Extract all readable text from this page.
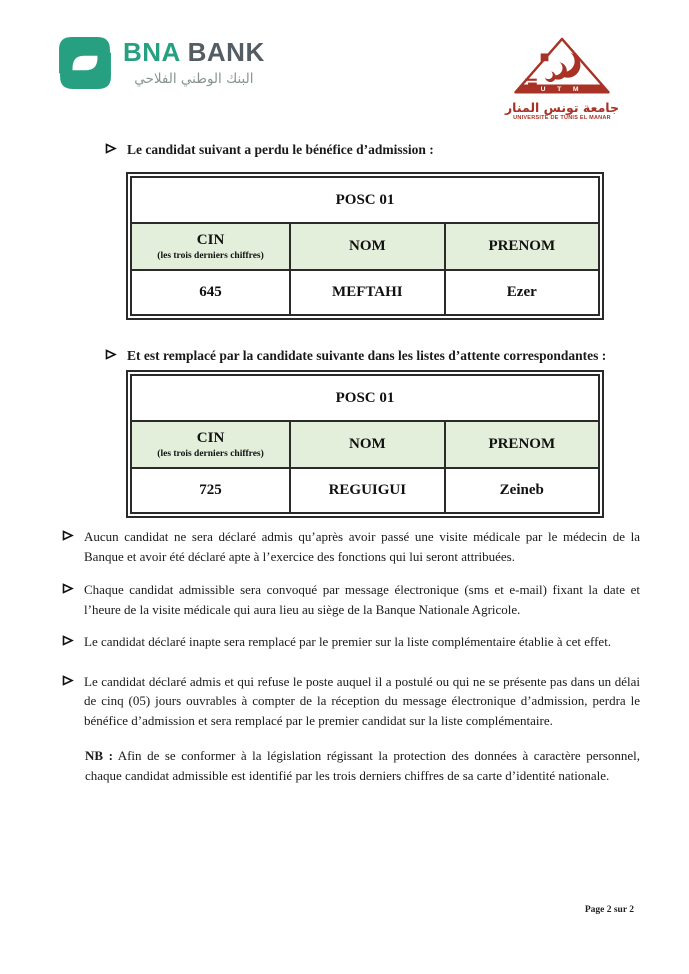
BNA BANK
البنك الوطني الفلاحي
U T M
جامعة تونس المنار
UNIVERSITÉ DE TUNIS EL MANAR
Le candidat suivant a perdu le bénéfice d’admission :
POSC 01		

CIN
(les trois derniers chiffres)	NOM	PRENOM
645	MEFTAHI	Ezer
Et est remplacé par la candidate suivante dans les listes d’attente correspondantes :
POSC 01		

CIN
(les trois derniers chiffres)	NOM	PRENOM
725	REGUIGUI	Zeineb
Aucun candidat ne sera déclaré admis qu’après avoir passé une visite médicale par le médecin de la Banque et avoir été déclaré apte à l’exercice des fonctions qui lui seront attribuées.
Chaque candidat admissible sera convoqué par message électronique (sms et e-mail) fixant la date et l’heure de la visite médicale qui aura lieu au siège de la Banque Nationale Agricole.
Le candidat déclaré inapte sera remplacé par le premier sur la liste complémentaire établie à cet effet.
Le candidat déclaré admis et qui refuse le poste auquel il a postulé ou qui ne se présente pas dans un délai de cinq (05) jours ouvrables à compter de la réception du message électronique d’admission, perdra le bénéfice d’admission et sera remplacé par le premier candidat sur la liste complémentaire.
NB : Afin de se conformer à la législation régissant la protection des données à caractère personnel, chaque candidat admissible est identifié par les trois derniers chiffres de sa carte d’identité nationale.
Page 2 sur 2
